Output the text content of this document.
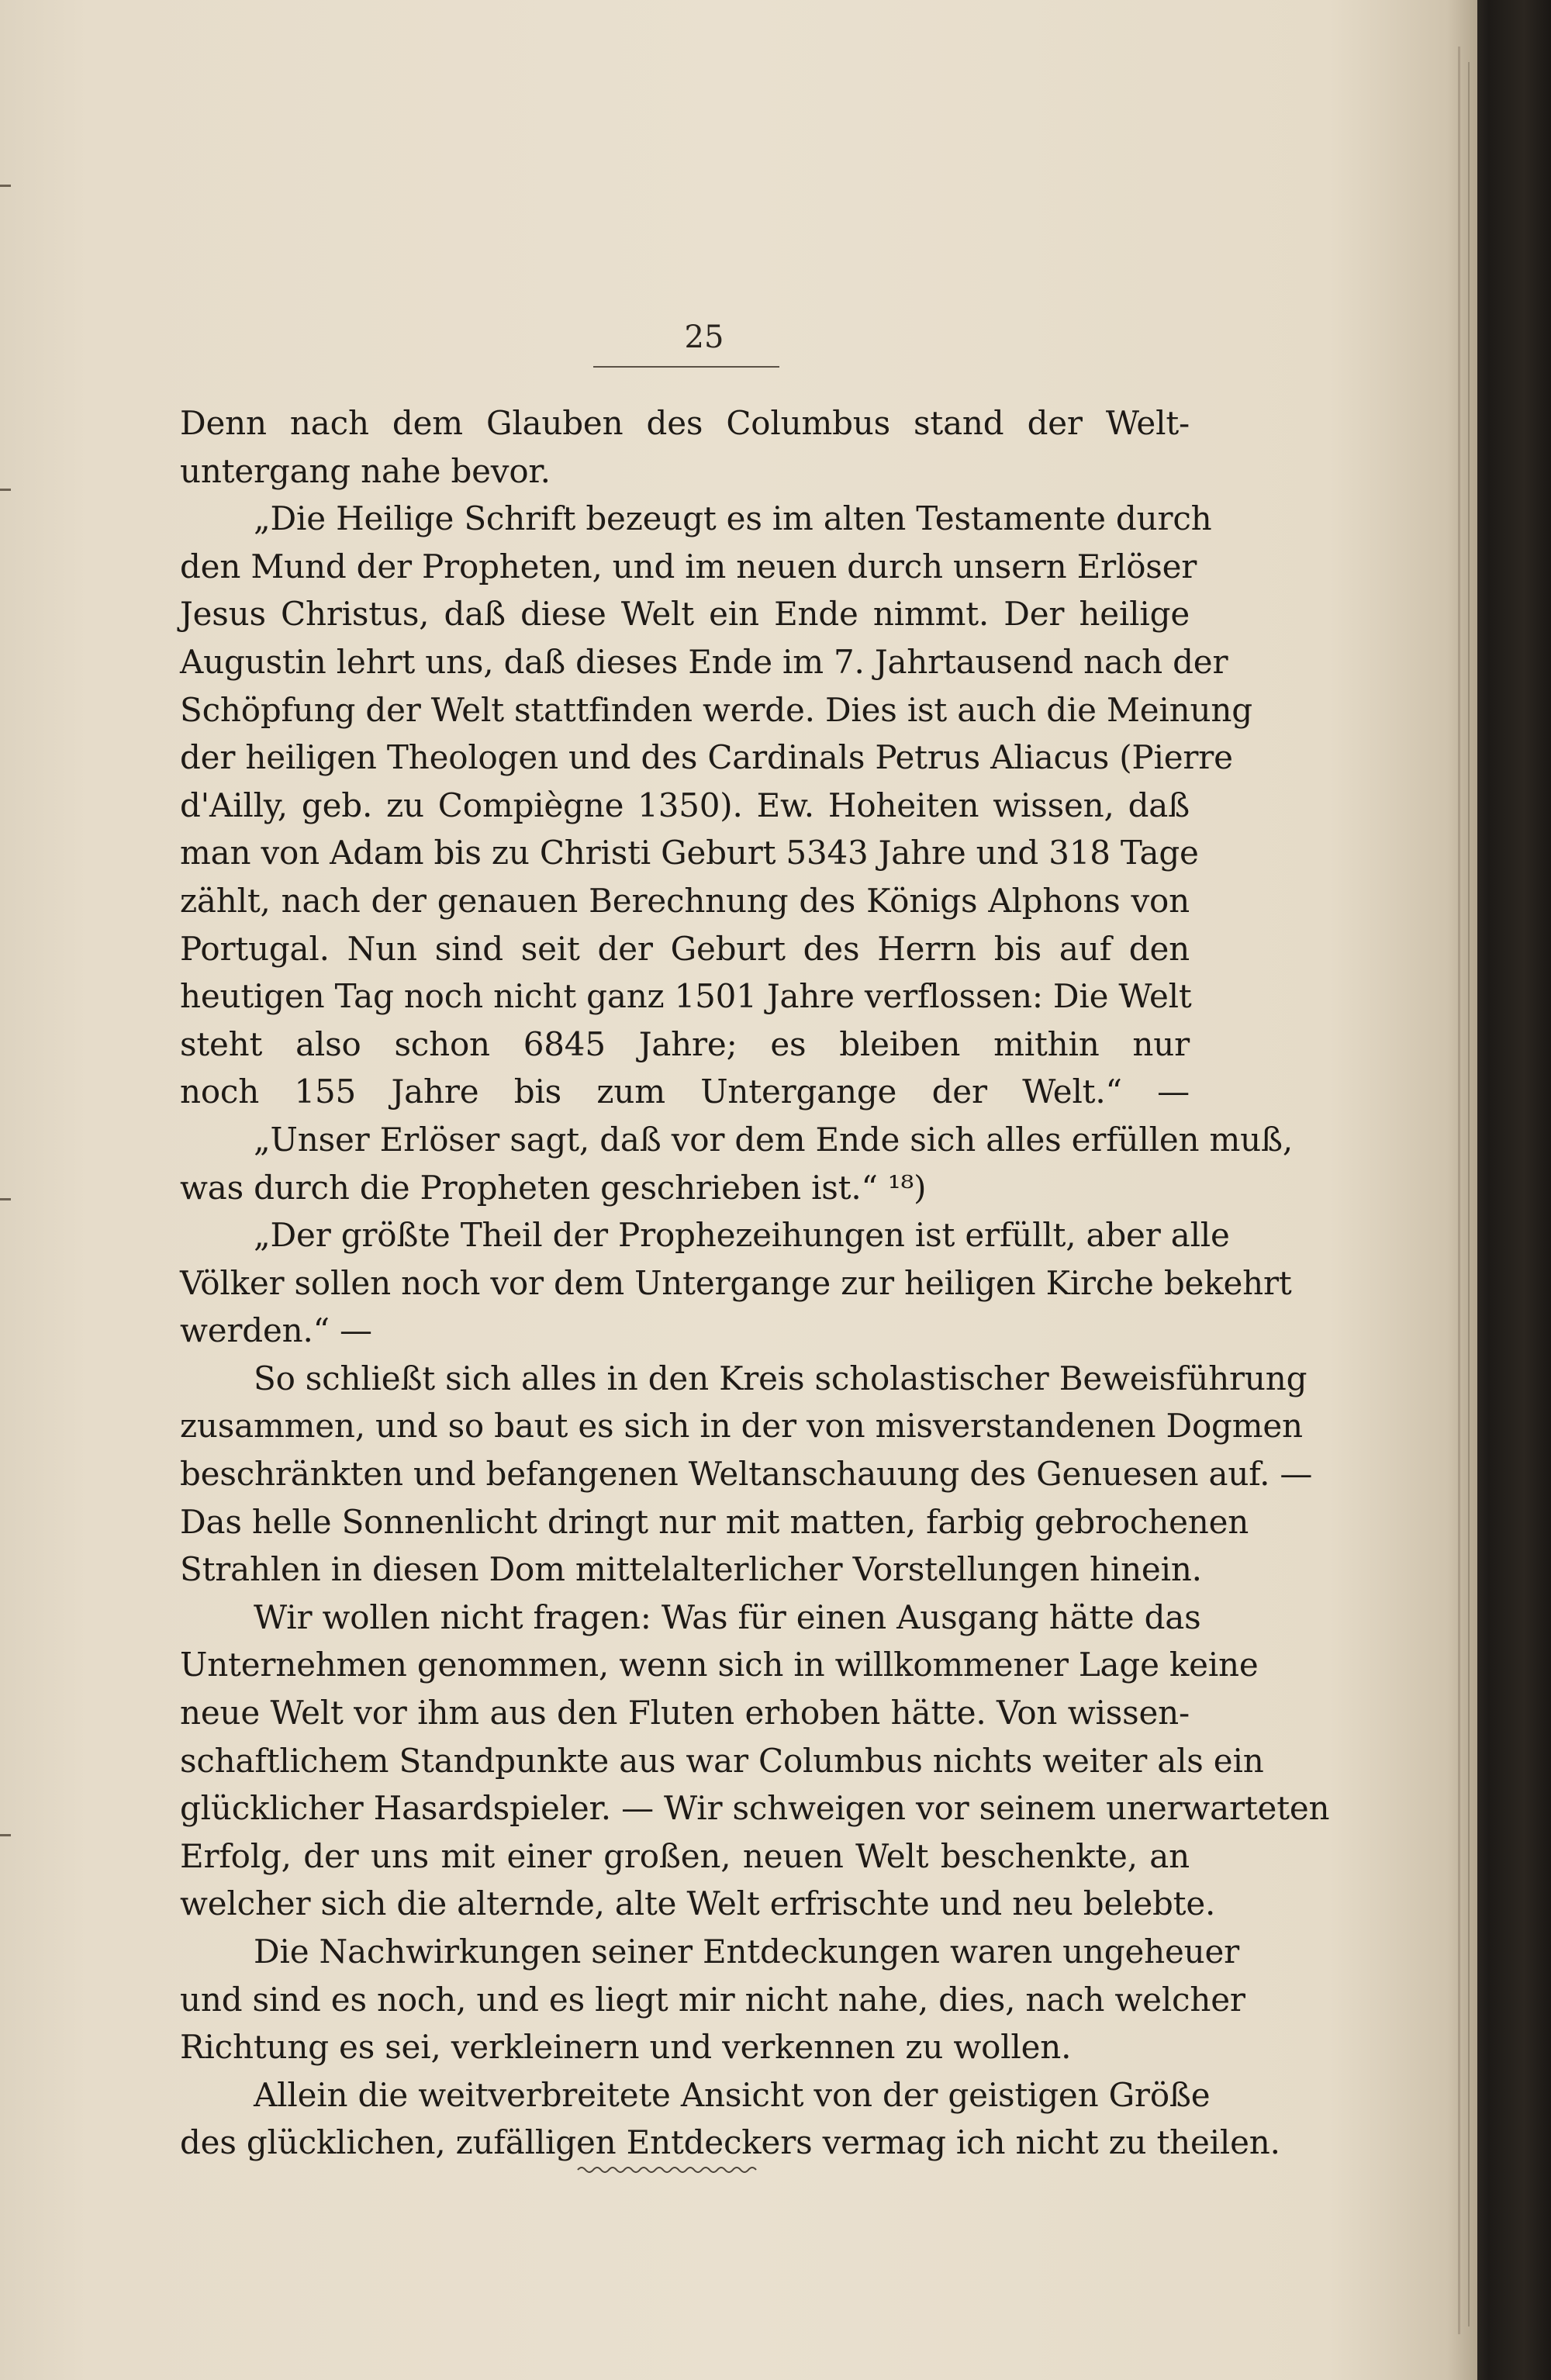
25
Denn nach dem Glauben des Columbus stand der Welt-
untergang nahe bevor.
„Die Heilige Schrift bezeugt es im alten Testamente durch
den Mund der Propheten, und im neuen durch unsern Erlöser
Jesus Christus, daß diese Welt ein Ende nimmt. Der heilige
Augustin lehrt uns, daß dieses Ende im 7. Jahrtausend nach der
Schöpfung der Welt stattfinden werde. Dies ist auch die Meinung
der heiligen Theologen und des Cardinals Petrus Aliacus (Pierre
d'Ailly, geb. zu Compiègne 1350). Ew. Hoheiten wissen, daß
man von Adam bis zu Christi Geburt 5343 Jahre und 318 Tage
zählt, nach der genauen Berechnung des Königs Alphons von
Portugal. Nun sind seit der Geburt des Herrn bis auf den
heutigen Tag noch nicht ganz 1501 Jahre verflossen: Die Welt
steht also schon 6845 Jahre; es bleiben mithin nur
noch 155 Jahre bis zum Untergange der Welt.“ —
„Unser Erlöser sagt, daß vor dem Ende sich alles erfüllen muß,
was durch die Propheten geschrieben ist.“ ¹⁸)
„Der größte Theil der Prophezeihungen ist erfüllt, aber alle
Völker sollen noch vor dem Untergange zur heiligen Kirche bekehrt
werden.“ —
So schließt sich alles in den Kreis scholastischer Beweisführung
zusammen, und so baut es sich in der von misverstandenen Dogmen
beschränkten und befangenen Weltanschauung des Genuesen auf. —
Das helle Sonnenlicht dringt nur mit matten, farbig gebrochenen
Strahlen in diesen Dom mittelalterlicher Vorstellungen hinein.
Wir wollen nicht fragen: Was für einen Ausgang hätte das
Unternehmen genommen, wenn sich in willkommener Lage keine
neue Welt vor ihm aus den Fluten erhoben hätte. Von wissen-
schaftlichem Standpunkte aus war Columbus nichts weiter als ein
glücklicher Hasardspieler. — Wir schweigen vor seinem unerwarteten
Erfolg, der uns mit einer großen, neuen Welt beschenkte, an
welcher sich die alternde, alte Welt erfrischte und neu belebte.
Die Nachwirkungen seiner Entdeckungen waren ungeheuer
und sind es noch, und es liegt mir nicht nahe, dies, nach welcher
Richtung es sei, verkleinern und verkennen zu wollen.
Allein die weitverbreitete Ansicht von der geistigen Größe
des glücklichen, zufälligen Entdeckers vermag ich nicht zu theilen.
